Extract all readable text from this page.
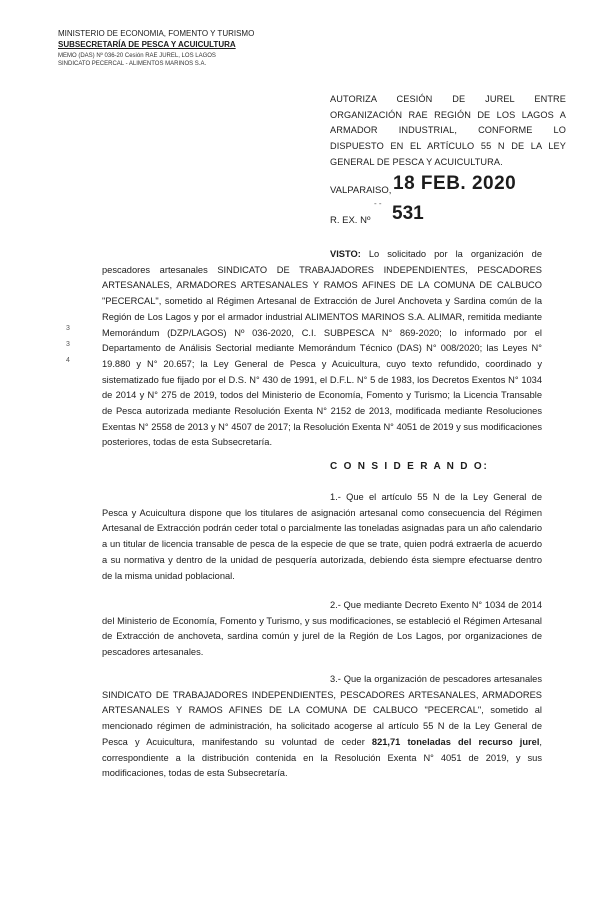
MINISTERIO DE ECONOMIA, FOMENTO Y TURISMO
SUBSECRETARÍA DE PESCA Y ACUICULTURA
MEMO (DAS) Nº 036-20 Cesión RAE JUREL, LOS LAGOS
SINDICATO PECERCAL - ALIMENTOS MARINOS S.A.
AUTORIZA CESIÓN DE JUREL ENTRE ORGANIZACIÓN RAE REGIÓN DE LOS LAGOS A ARMADOR INDUSTRIAL, CONFORME LO DISPUESTO EN EL ARTÍCULO 55 N DE LA LEY GENERAL DE PESCA Y ACUICULTURA.
VALPARAISO, 18 FEB. 2020
- -
R. EX. Nº 531
3
3
4
VISTO: Lo solicitado por la organización de pescadores artesanales SINDICATO DE TRABAJADORES INDEPENDIENTES, PESCADORES ARTESANALES, ARMADORES ARTESANALES Y RAMOS AFINES DE LA COMUNA DE CALBUCO "PECERCAL", sometido al Régimen Artesanal de Extracción de Jurel Anchoveta y Sardina común de la Región de Los Lagos y por el armador industrial ALIMENTOS MARINOS S.A. ALIMAR, remitida mediante Memorándum (DZP/LAGOS) Nº 036-2020, C.I. SUBPESCA N° 869-2020; lo informado por el Departamento de Análisis Sectorial mediante Memorándum Técnico (DAS) N° 008/2020; las Leyes N° 19.880 y N° 20.657; la Ley General de Pesca y Acuicultura, cuyo texto refundido, coordinado y sistematizado fue fijado por el D.S. N° 430 de 1991, el D.F.L. N° 5 de 1983, los Decretos Exentos N° 1034 de 2014 y N° 275 de 2019, todos del Ministerio de Economía, Fomento y Turismo; la Licencia Transable de Pesca autorizada mediante Resolución Exenta N° 2152 de 2013, modificada mediante Resoluciones Exentas N° 2558 de 2013 y N° 4507 de 2017; la Resolución Exenta N° 4051 de 2019 y sus modificaciones posteriores, todas de esta Subsecretaría.
C O N S I D E R A N D O:
1.- Que el artículo 55 N de la Ley General de Pesca y Acuicultura dispone que los titulares de asignación artesanal como consecuencia del Régimen Artesanal de Extracción podrán ceder total o parcialmente las toneladas asignadas para un año calendario a un titular de licencia transable de pesca de la especie de que se trate, quien podrá extraerla de acuerdo a su normativa y dentro de la unidad de pesquería autorizada, debiendo ésta siempre efectuarse dentro de la misma unidad poblacional.
2.- Que mediante Decreto Exento N° 1034 de 2014 del Ministerio de Economía, Fomento y Turismo, y sus modificaciones, se estableció el Régimen Artesanal de Extracción de anchoveta, sardina común y jurel de la Región de Los Lagos, por organizaciones de pescadores artesanales.
3.- Que la organización de pescadores artesanales SINDICATO DE TRABAJADORES INDEPENDIENTES, PESCADORES ARTESANALES, ARMADORES ARTESANALES Y RAMOS AFINES DE LA COMUNA DE CALBUCO "PECERCAL", sometido al mencionado régimen de administración, ha solicitado acogerse al artículo 55 N de la Ley General de Pesca y Acuicultura, manifestando su voluntad de ceder 821,71 toneladas del recurso jurel, correspondiente a la distribución contenida en la Resolución Exenta N° 4051 de 2019, y sus modificaciones, todas de esta Subsecretaría.
